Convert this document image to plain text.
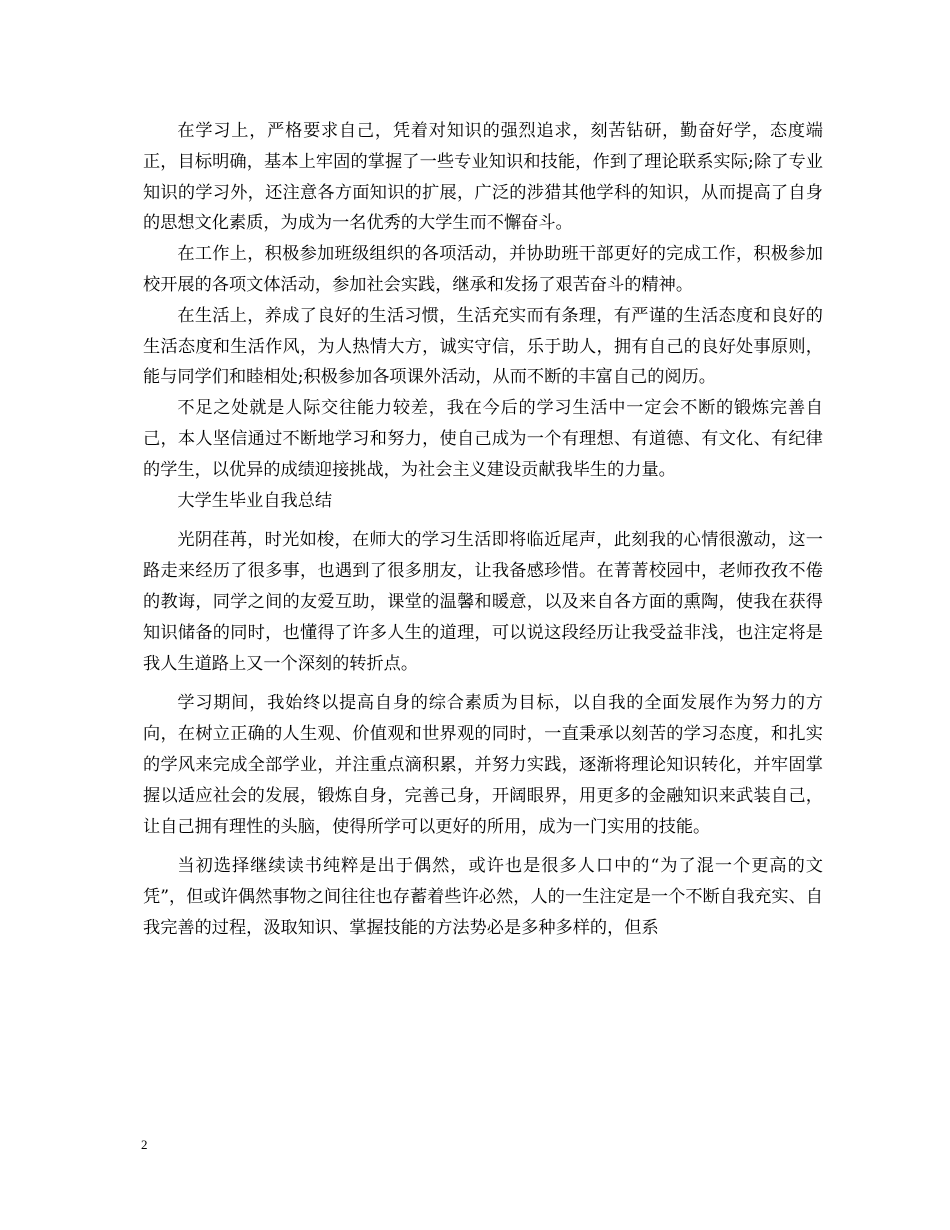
在学习上，严格要求自己，凭着对知识的强烈追求，刻苦钻研，勤奋好学，态度端正，目标明确，基本上牢固的掌握了一些专业知识和技能，作到了理论联系实际;除了专业知识的学习外，还注意各方面知识的扩展，广泛的涉猎其他学科的知识，从而提高了自身的思想文化素质，为成为一名优秀的大学生而不懈奋斗。

在工作上，积极参加班级组织的各项活动，并协助班干部更好的完成工作，积极参加校开展的各项文体活动，参加社会实践，继承和发扬了艰苦奋斗的精神。

在生活上，养成了良好的生活习惯，生活充实而有条理，有严谨的生活态度和良好的生活态度和生活作风，为人热情大方，诚实守信，乐于助人，拥有自己的良好处事原则，能与同学们和睦相处;积极参加各项课外活动，从而不断的丰富自己的阅历。

不足之处就是人际交往能力较差，我在今后的学习生活中一定会不断的锻炼完善自己，本人坚信通过不断地学习和努力，使自己成为一个有理想、有道德、有文化、有纪律的学生，以优异的成绩迎接挑战，为社会主义建设贡献我毕生的力量。

大学生毕业自我总结

光阴荏苒，时光如梭，在师大的学习生活即将临近尾声，此刻我的心情很激动，这一路走来经历了很多事，也遇到了很多朋友，让我备感珍惜。在菁菁校园中，老师孜孜不倦的教诲，同学之间的友爱互助，课堂的温馨和暖意，以及来自各方面的熏陶，使我在获得知识储备的同时，也懂得了许多人生的道理，可以说这段经历让我受益非浅，也注定将是我人生道路上又一个深刻的转折点。

学习期间，我始终以提高自身的综合素质为目标，以自我的全面发展作为努力的方向，在树立正确的人生观、价值观和世界观的同时，一直秉承以刻苦的学习态度，和扎实的学风来完成全部学业，并注重点滴积累，并努力实践，逐渐将理论知识转化，并牢固掌握以适应社会的发展，锻炼自身，完善己身，开阔眼界，用更多的金融知识来武装自己，让自己拥有理性的头脑，使得所学可以更好的所用，成为一门实用的技能。

当初选择继续读书纯粹是出于偶然，或许也是很多人口中的“为了混一个更高的文凭”，但或许偶然事物之间往往也存蓄着些许必然，人的一生注定是一个不断自我充实、自我完善的过程，汲取知识、掌握技能的方法势必是多种多样的，但系

2
